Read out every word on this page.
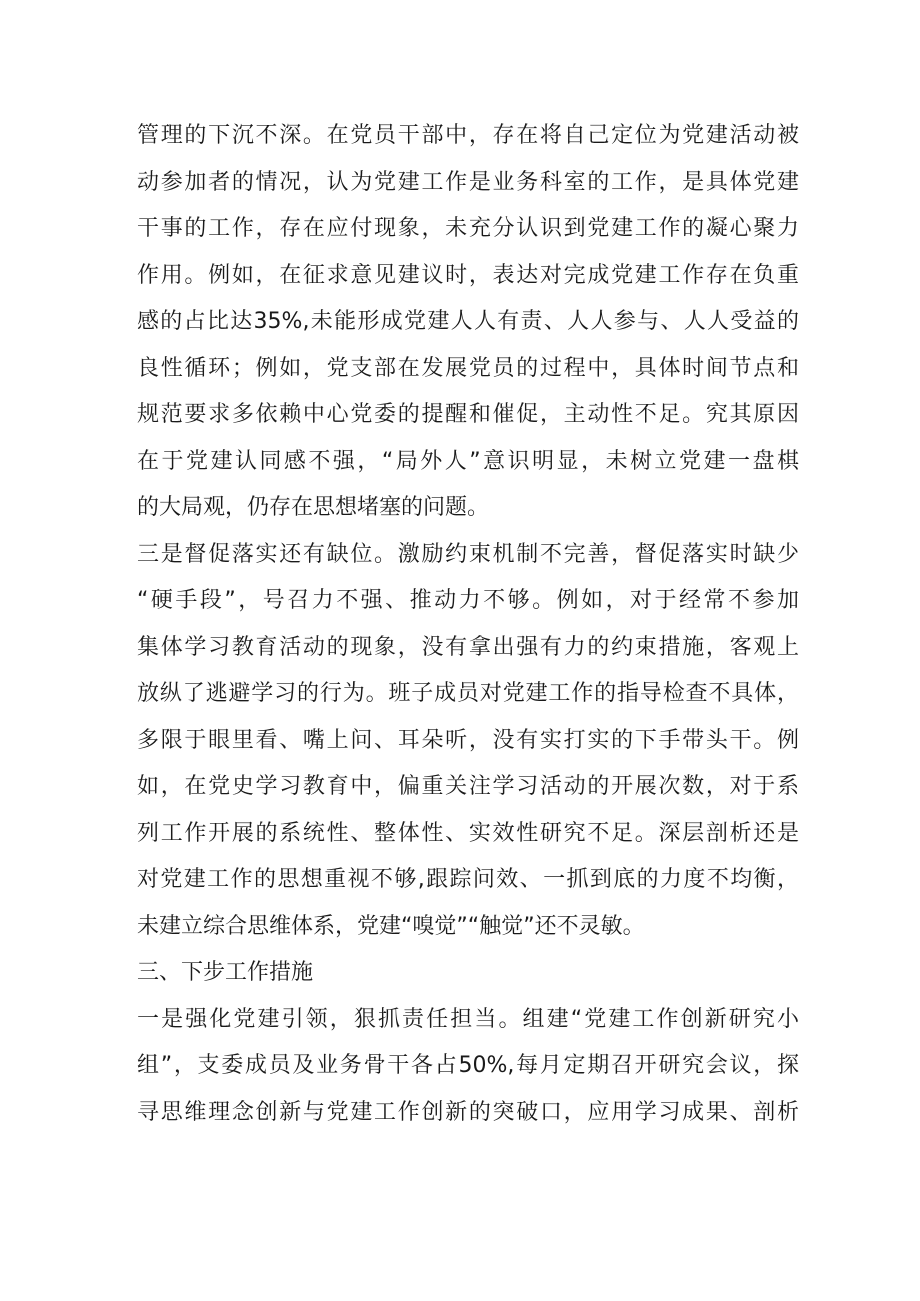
管理的下沉不深。在党员干部中，存在将自己定位为党建活动被
动参加者的情况，认为党建工作是业务科室的工作，是具体党建
干事的工作，存在应付现象，未充分认识到党建工作的凝心聚力
作用。例如，在征求意见建议时，表达对完成党建工作存在负重
感的占比达35%,未能形成党建人人有责、人人参与、人人受益的
良性循环；例如，党支部在发展党员的过程中，具体时间节点和
规范要求多依赖中心党委的提醒和催促，主动性不足。究其原因
在于党建认同感不强，“局外人”意识明显，未树立党建一盘棋
的大局观，仍存在思想堵塞的问题。
三是督促落实还有缺位。激励约束机制不完善，督促落实时缺少
“硬手段”，号召力不强、推动力不够。例如，对于经常不参加
集体学习教育活动的现象，没有拿出强有力的约束措施，客观上
放纵了逃避学习的行为。班子成员对党建工作的指导检查不具体，
多限于眼里看、嘴上问、耳朵听，没有实打实的下手带头干。例
如，在党史学习教育中，偏重关注学习活动的开展次数，对于系
列工作开展的系统性、整体性、实效性研究不足。深层剖析还是
对党建工作的思想重视不够,跟踪问效、一抓到底的力度不均衡，
未建立综合思维体系，党建“嗅觉”“触觉”还不灵敏。
三、下步工作措施
一是强化党建引领，狠抓责任担当。组建“党建工作创新研究小
组”，支委成员及业务骨干各占50%,每月定期召开研究会议，探
寻思维理念创新与党建工作创新的突破口，应用学习成果、剖析
